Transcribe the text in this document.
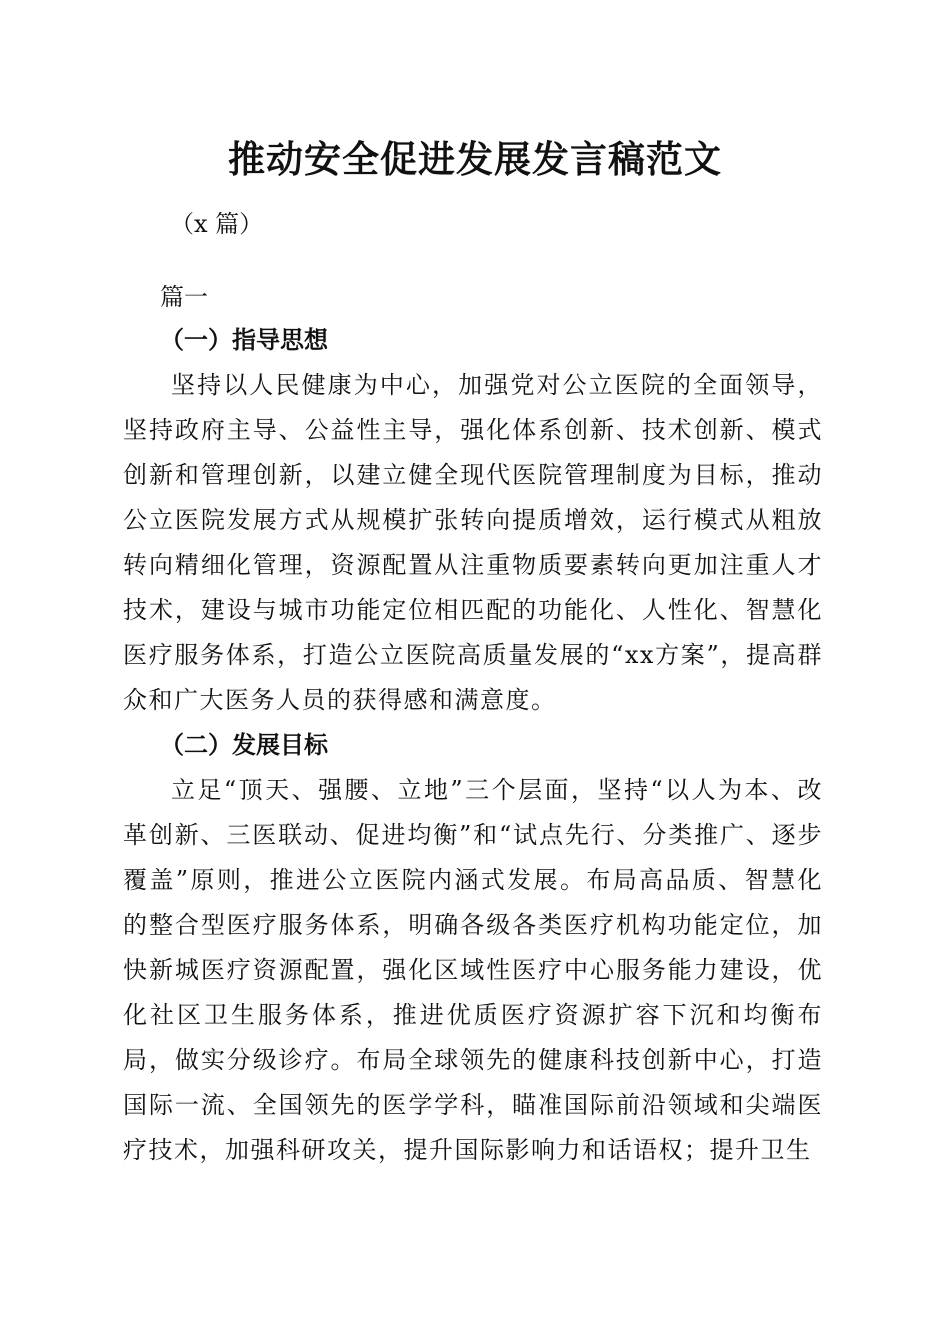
推动安全促进发展发言稿范文
（x 篇）
篇一
（一）指导思想

坚持以人民健康为中心，加强党对公立医院的全面领导，坚持政府主导、公益性主导，强化体系创新、技术创新、模式创新和管理创新，以建立健全现代医院管理制度为目标，推动公立医院发展方式从规模扩张转向提质增效，运行模式从粗放转向精细化管理，资源配置从注重物质要素转向更加注重人才技术，建设与城市功能定位相匹配的功能化、人性化、智慧化医疗服务体系，打造公立医院高质量发展的“xx方案”，提高群众和广大医务人员的获得感和满意度。

（二）发展目标

立足“顶天、强腰、立地”三个层面，坚持“以人为本、改革创新、三医联动、促进均衡”和“试点先行、分类推广、逐步覆盖”原则，推进公立医院内涵式发展。布局高品质、智慧化的整合型医疗服务体系，明确各级各类医疗机构功能定位，加快新城医疗资源配置，强化区域性医疗中心服务能力建设，优化社区卫生服务体系，推进优质医疗资源扩容下沉和均衡布局，做实分级诊疗。布局全球领先的健康科技创新中心，打造国际一流、全国领先的医学学科，瞄准国际前沿领域和尖端医疗技术，加强科研攻关，提升国际影响力和话语权；提升卫生
